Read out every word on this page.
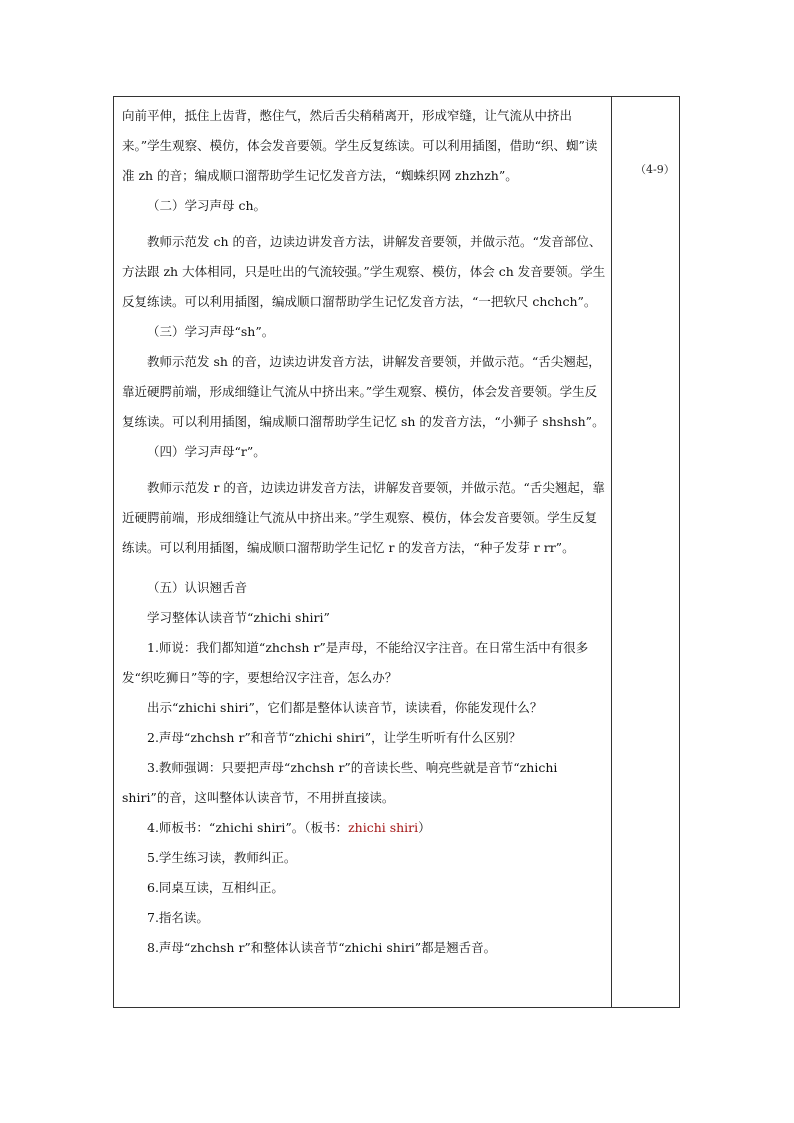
（4-9）

向前平伸，抵住上齿背，憋住气，然后舌尖稍稍离开，形成窄缝，让气流从中挤出来。”学生观察、模仿，体会发音要领。学生反复练读。可以利用插图，借助“织、蜘”读准 zh 的音；编成顺口溜帮助学生记忆发音方法，“蜘蛛织网 zhzhzh”。

（二）学习声母 ch。

教师示范发 ch 的音，边读边讲发音方法，讲解发音要领，并做示范。“发音部位、方法跟 zh 大体相同，只是吐出的气流较强。”学生观察、模仿，体会 ch 发音要领。学生反复练读。可以利用插图，编成顺口溜帮助学生记忆发音方法，“一把软尺 chchch”。

（三）学习声母“sh”。

教师示范发 sh 的音，边读边讲发音方法，讲解发音要领，并做示范。“舌尖翘起，靠近硬腭前端，形成细缝让气流从中挤出来。”学生观察、模仿，体会发音要领。学生反复练读。可以利用插图，编成顺口溜帮助学生记忆 sh 的发音方法，“小狮子 shshsh”。

（四）学习声母“r”。

教师示范发 r 的音，边读边讲发音方法，讲解发音要领，并做示范。“舌尖翘起，靠近硬腭前端，形成细缝让气流从中挤出来。”学生观察、模仿，体会发音要领。学生反复练读。可以利用插图，编成顺口溜帮助学生记忆 r 的发音方法，“种子发芽 r rr”。

（五）认识翘舌音

学习整体认读音节“zhichi shiri”

1.师说：我们都知道“zhchsh r”是声母，不能给汉字注音。在日常生活中有很多发“织吃狮日”等的字，要想给汉字注音，怎么办？

出示“zhichi shiri”，它们都是整体认读音节，读读看，你能发现什么？

2.声母“zhchsh r”和音节“zhichi shiri”，让学生听听有什么区别？

3.教师强调：只要把声母“zhchsh r”的音读长些、响亮些就是音节“zhichi shiri”的音，这叫整体认读音节，不用拼直接读。

4.师板书：“zhichi shiri”。（板书：zhichi shiri）

5.学生练习读，教师纠正。

6.同桌互读，互相纠正。

7.指名读。

8.声母“zhchsh r”和整体认读音节“zhichi shiri”都是翘舌音。
